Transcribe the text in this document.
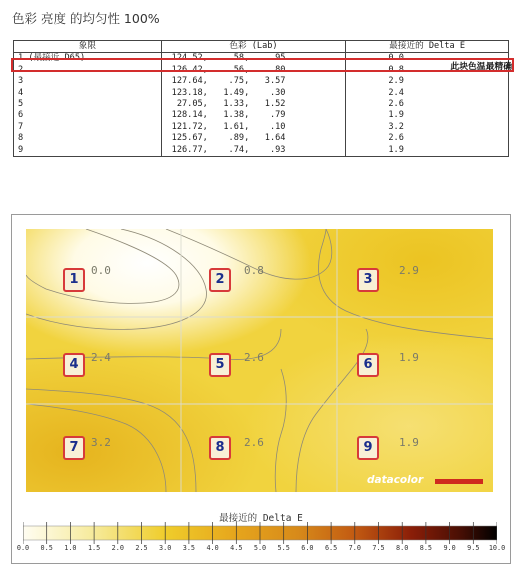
色彩 亮度 的均匀性 100%
象限	色彩 (Lab)	最接近的 Delta E
1 (最接近 D65)	124.52,    .58,    .95	0.0
2	126.42,    .56,    .80	0.8
3	127.64,    .75,   3.57	2.9
4	123.18,   1.49,    .30	2.4
5	27.05,   1.33,   1.52	2.6
6	128.14,   1.38,    .79	1.9
7	121.72,   1.61,    .10	3.2
8	125.67,    .89,   1.64	2.6
9	126.77,    .74,    .93	1.9
此块色温最精确
1
0.0
2
0.8
3
2.9
4	2.4	5	2.6	6	1.9
7	3.2	8	2.6	9	1.9
datacolor
最接近的 Delta E
0.0 0.5 1.0 1.5 2.0 2.5 3.0 3.5 4.0 4.5 5.0 5.5 6.0 6.5 7.0 7.5 8.0 8.5 9.0 9.5 10.0
